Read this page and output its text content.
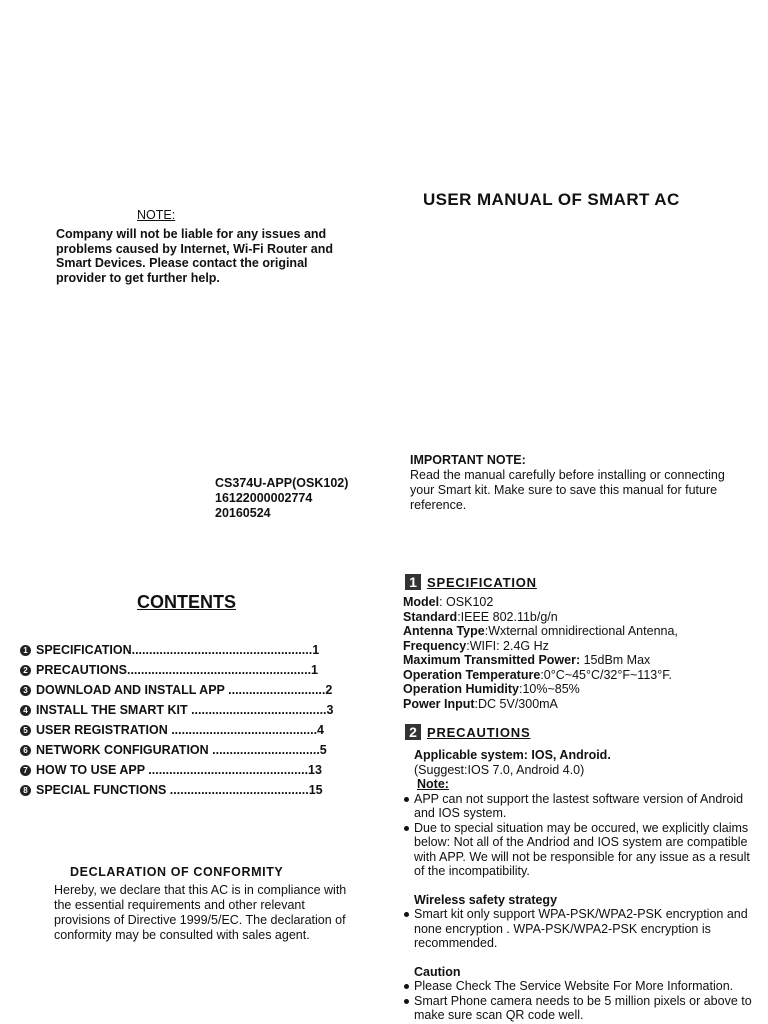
NOTE:
Company will not be liable for any issues and problems caused by Internet, Wi-Fi Router and Smart Devices. Please contact the original provider to get further help.
USER MANUAL OF SMART AC
CS374U-APP(OSK102)
16122000002774
20160524
IMPORTANT NOTE:
Read the manual carefully before installing or connecting your Smart kit. Make sure to save this manual for future reference.
CONTENTS
1 SPECIFICATION....................................................1
2 PRECAUTIONS.....................................................1
3 DOWNLOAD AND INSTALL APP ............................2
4 INSTALL THE SMART KIT .......................................3
5 USER REGISTRATION ..........................................4
6 NETWORK CONFIGURATION ...............................5
7 HOW TO USE APP ..............................................13
8 SPECIAL FUNCTIONS ........................................15
DECLARATION OF CONFORMITY
Hereby, we declare that this AC is in compliance with the essential requirements and other relevant provisions of Directive 1999/5/EC. The declaration of conformity may be consulted with sales agent.
1 SPECIFICATION
Model: OSK102
Standard:IEEE 802.11b/g/n
Antenna Type:Wxternal omnidirectional Antenna,
Frequency:WIFI: 2.4G Hz
Maximum Transmitted Power: 15dBm Max
Operation Temperature:0°C~45°C/32°F~113°F.
Operation Humidity:10%~85%
Power Input:DC 5V/300mA
2 PRECAUTIONS
Applicable system: IOS, Android.
(Suggest:IOS 7.0, Android 4.0)
Note:
APP can not support the lastest software version of Android and IOS system.
Due to special situation may be occured, we explicitly claims below: Not all of the Andriod and IOS system are compatible with APP. We will not be responsible for any issue as a result of the incompatibility.
Wireless safety strategy
Smart kit only support WPA-PSK/WPA2-PSK encryption and none encryption . WPA-PSK/WPA2-PSK encryption is recommended.
Caution
Please Check The Service Website For More Information.
Smart Phone camera needs to be 5 million pixels or above to make sure scan QR code well.
